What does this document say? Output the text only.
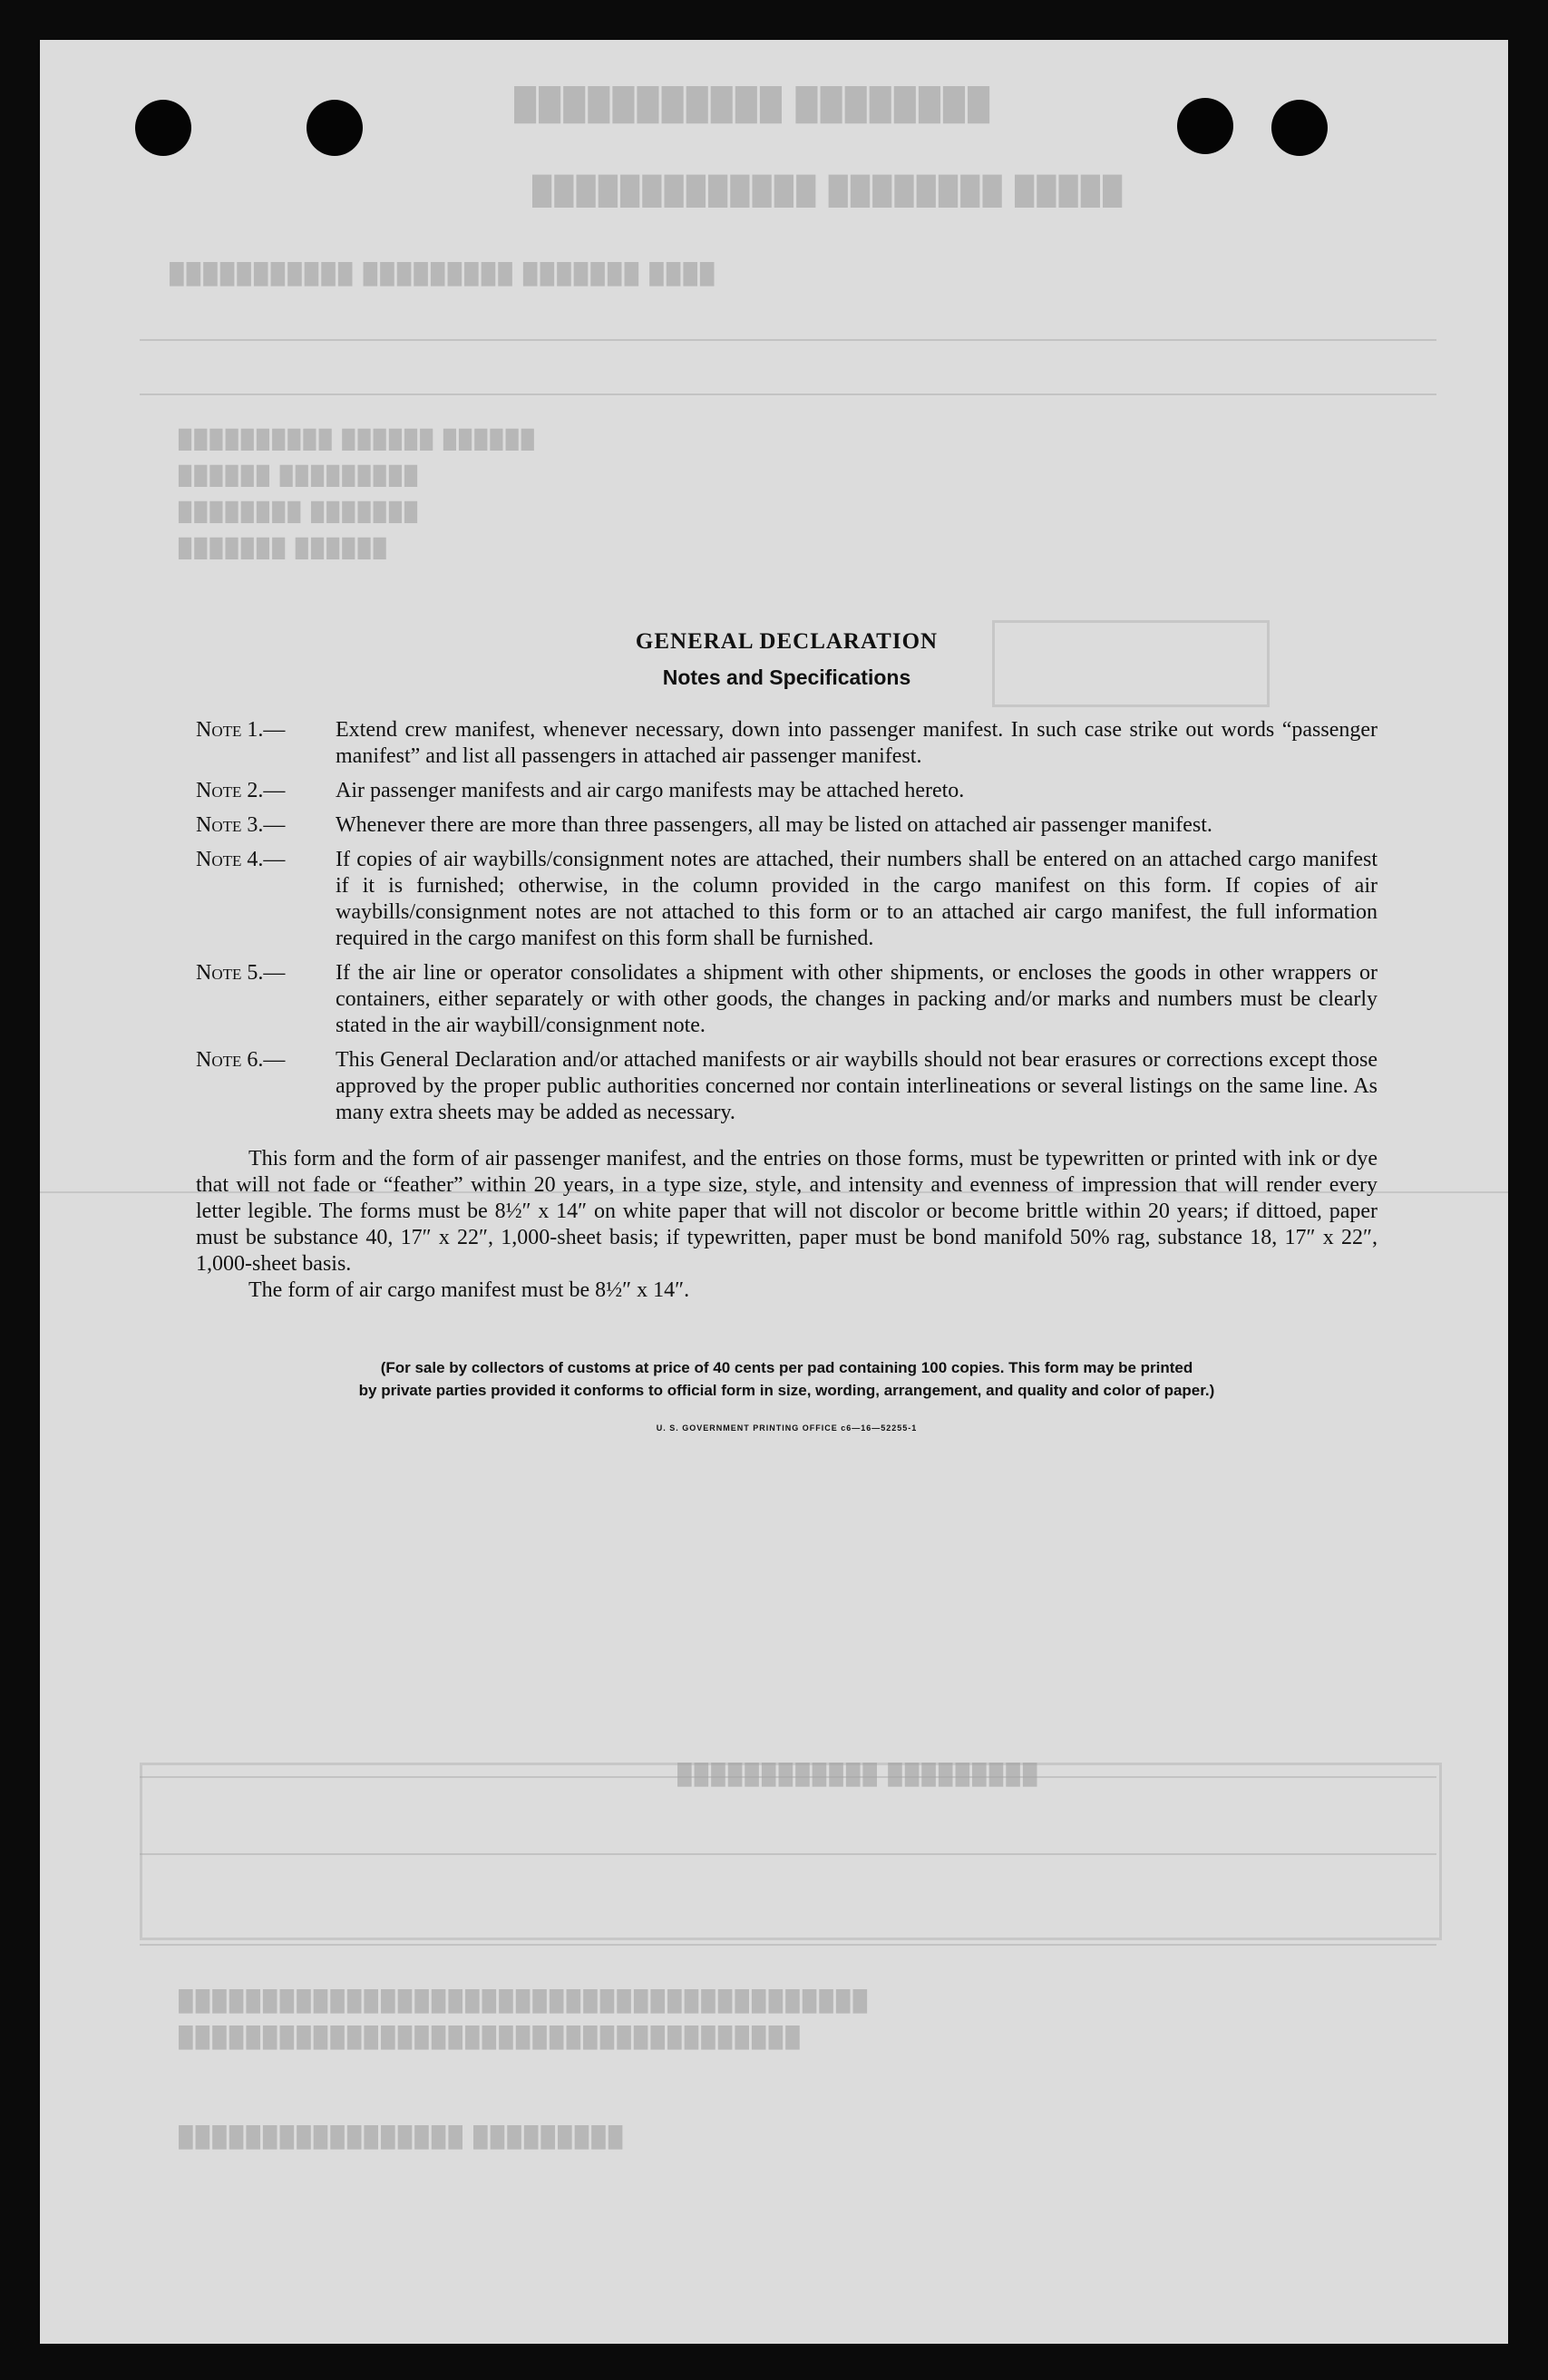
████████ ███████████
█████ ████████ █████████████
████ ███████ █████████ ███████████
██████ ██████ ██████████
█████████ ██████
███████ ████████
██████ ███████
█████████ ████████████
█████████████████████████████████████████
█████████████████████████████████████
█████████ █████████████████
GENERAL DECLARATION
Notes and Specifications
Note 1.—	Extend crew manifest, whenever necessary, down into passenger manifest. In such case strike out words “passenger manifest” and list all passengers in attached air passenger manifest.
Note 2.—	Air passenger manifests and air cargo manifests may be attached hereto.
Note 3.—	Whenever there are more than three passengers, all may be listed on attached air passenger manifest.
Note 4.—	If copies of air waybills/consignment notes are attached, their numbers shall be entered on an attached cargo manifest if it is furnished; otherwise, in the column provided in the cargo manifest on this form. If copies of air waybills/consignment notes are not attached to this form or to an attached air cargo manifest, the full information required in the cargo manifest on this form shall be furnished.
Note 5.—	If the air line or operator consolidates a shipment with other shipments, or encloses the goods in other wrappers or containers, either separately or with other goods, the changes in packing and/or marks and numbers must be clearly stated in the air waybill/consignment note.
Note 6.—	This General Declaration and/or attached manifests or air waybills should not bear erasures or corrections except those approved by the proper public authorities concerned nor contain interlineations or several listings on the same line. As many extra sheets may be added as necessary.

This form and the form of air passenger manifest, and the entries on those forms, must be typewritten or printed with ink or dye that will not fade or “feather” within 20 years, in a type size, style, and intensity and evenness of impression that will render every letter legible. The forms must be 8½″ x 14″ on white paper that will not discolor or become brittle within 20 years; if dittoed, paper must be substance 40, 17″ x 22″, 1,000-sheet basis; if typewritten, paper must be bond manifold 50% rag, substance 18, 17″ x 22″, 1,000-sheet basis.

The form of air cargo manifest must be 8½″ x 14″.

(For sale by collectors of customs at price of 40 cents per pad containing 100 copies. This form may be printed
by private parties provided it conforms to official form in size, wording, arrangement, and quality and color of paper.)
U. S. GOVERNMENT PRINTING OFFICE c6—16—52255-1
